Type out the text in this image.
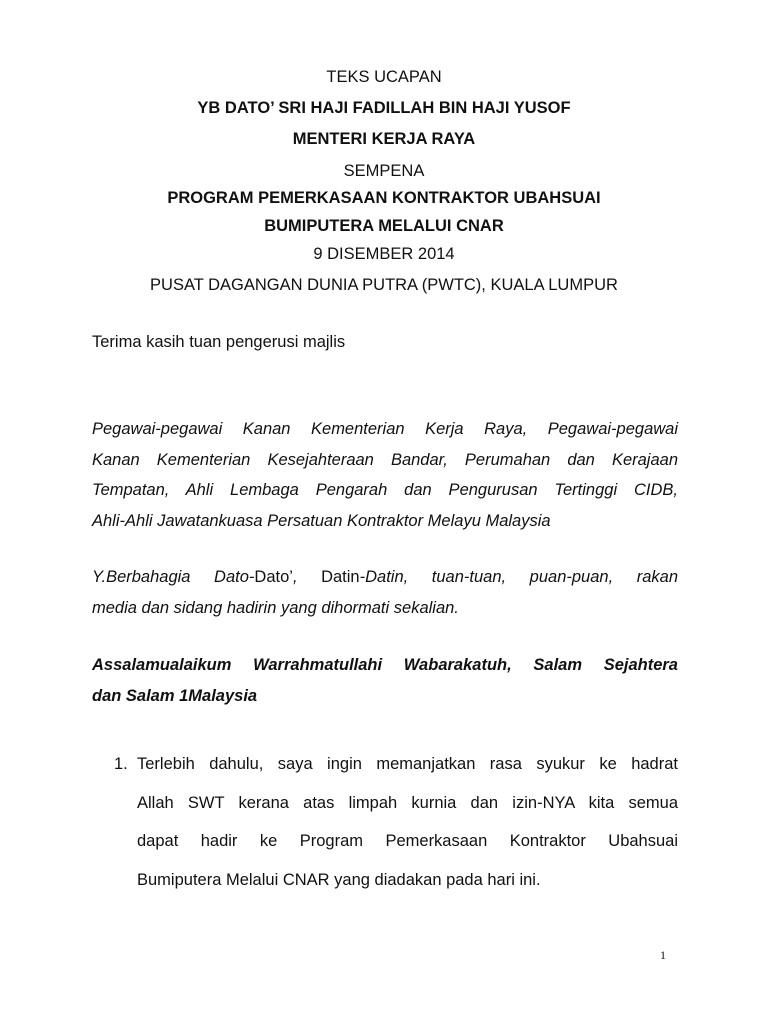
TEKS UCAPAN
YB DATO’ SRI HAJI FADILLAH BIN HAJI YUSOF
MENTERI KERJA RAYA
SEMPENA
PROGRAM PEMERKASAAN KONTRAKTOR UBAHSUAI
BUMIPUTERA MELALUI CNAR
9 DISEMBER 2014
PUSAT DAGANGAN DUNIA PUTRA (PWTC), KUALA LUMPUR
Terima kasih tuan pengerusi majlis
Pegawai-pegawai Kanan Kementerian Kerja Raya, Pegawai-pegawai
Kanan Kementerian Kesejahteraan Bandar, Perumahan dan Kerajaan
Tempatan, Ahli Lembaga Pengarah dan Pengurusan Tertinggi CIDB,
Ahli-Ahli Jawatankuasa Persatuan Kontraktor Melayu Malaysia
Y.Berbahagia Dato-Dato’, Datin-Datin, tuan-tuan, puan-puan, rakan
media dan sidang hadirin yang dihormati sekalian.
Assalamualaikum Warrahmatullahi Wabarakatuh, Salam Sejahtera
dan Salam 1Malaysia
1. Terlebih dahulu, saya ingin memanjatkan rasa syukur ke hadrat
Allah SWT kerana atas limpah kurnia dan izin-NYA kita semua
dapat hadir ke Program Pemerkasaan Kontraktor Ubahsuai
Bumiputera Melalui CNAR yang diadakan pada hari ini.
1
